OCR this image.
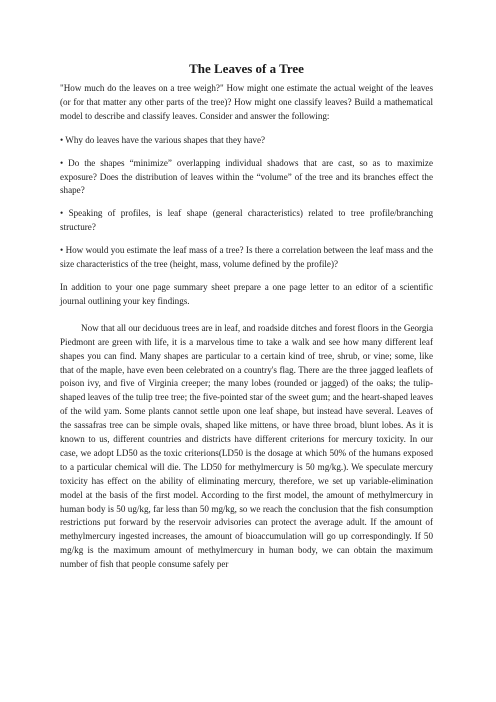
The Leaves of a Tree

"How much do the leaves on a tree weigh?" How might one estimate the actual weight of the leaves (or for that matter any other parts of the tree)? How might one classify leaves? Build a mathematical model to describe and classify leaves. Consider and answer the following:

• Why do leaves have the various shapes that they have?

• Do the shapes “minimize” overlapping individual shadows that are cast, so as to maximize exposure? Does the distribution of leaves within the “volume” of the tree and its branches effect the shape?

• Speaking of profiles, is leaf shape (general characteristics) related to tree profile/branching structure?

• How would you estimate the leaf mass of a tree? Is there a correlation between the leaf mass and the size characteristics of the tree (height, mass, volume defined by the profile)?

In addition to your one page summary sheet prepare a one page letter to an editor of a scientific journal outlining your key findings.

Now that all our deciduous trees are in leaf, and roadside ditches and forest floors in the Georgia Piedmont are green with life, it is a marvelous time to take a walk and see how many different leaf shapes you can find. Many shapes are particular to a certain kind of tree, shrub, or vine; some, like that of the maple, have even been celebrated on a country's flag. There are the three jagged leaflets of poison ivy, and five of Virginia creeper; the many lobes (rounded or jagged) of the oaks; the tulip-shaped leaves of the tulip tree tree; the five-pointed star of the sweet gum; and the heart-shaped leaves of the wild yam. Some plants cannot settle upon one leaf shape, but instead have several. Leaves of the sassafras tree can be simple ovals, shaped like mittens, or have three broad, blunt lobes. As it is known to us, different countries and districts have different criterions for mercury toxicity. In our case, we adopt LD50 as the toxic criterions(LD50 is the dosage at which 50% of the humans exposed to a particular chemical will die. The LD50 for methylmercury is 50 mg/kg.). We speculate mercury toxicity has effect on the ability of eliminating mercury, therefore, we set up variable-elimination model at the basis of the first model. According to the first model, the amount of methylmercury in human body is 50 ug/kg, far less than 50 mg/kg, so we reach the conclusion that the fish consumption restrictions put forward by the reservoir advisories can protect the average adult. If the amount of methylmercury ingested increases, the amount of bioaccumulation will go up correspondingly. If 50 mg/kg is the maximum amount of methylmercury in human body, we can obtain the maximum number of fish that people consume safely per
